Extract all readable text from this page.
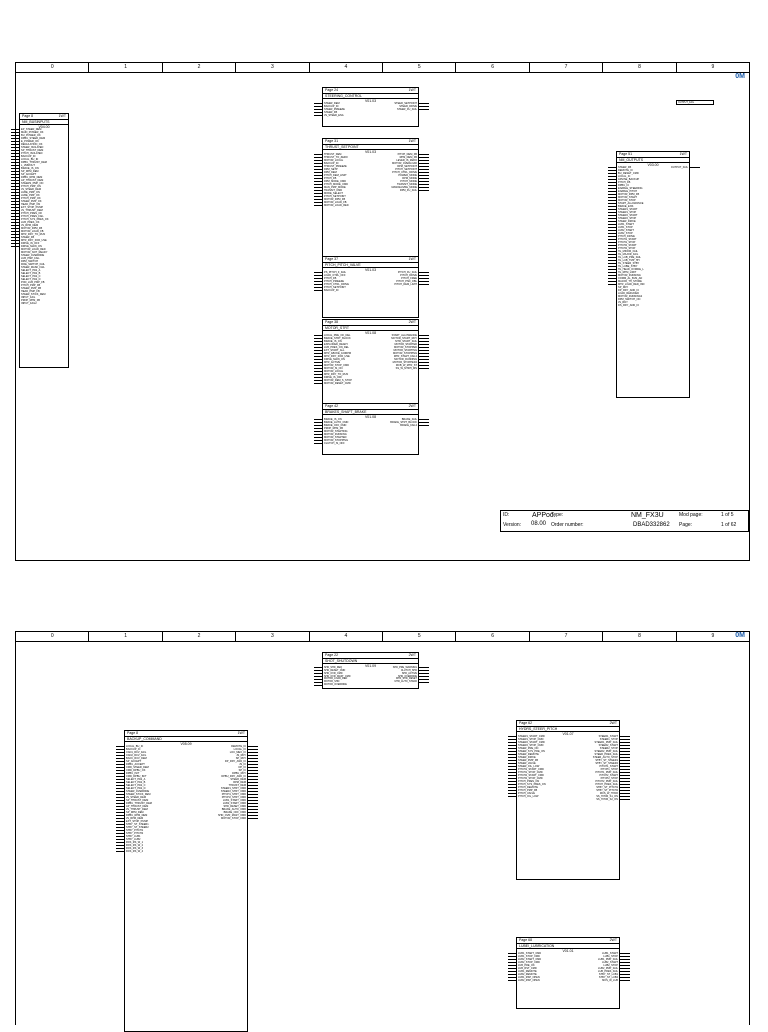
0	1	2	3	4	5	6	7	8	9
0M
OUTPUT_FAIL
Page 8	1WT
NM_BUSINPUTS
V04.00
EP_STEER_DEM
MAIN_POWER_OK
BU_POWER_OK
DPBU_STEER_DEM
E_POWER_OK
REGULATION_OK
STEER_ISOLATED
SP_THRUST_DEM
PITCH_ISOLATED
BACKUP_ID
LOCAL_BU_ID
DPBU_THRUST_DEM
L_VMROUT
BRAKE_IS_ON
SP_RPM_DEM
SP_ACCEPT
DPBU_RPM_DEM
AP_THRUST_DEM
STEERS_PMP_ON
PITCH_PMP_ON
JS_STEER_DEM
LUBE_PMP_ON
LUBE_PMP_OK
PITCH_PMP_OK
STEER_PMP_OK
HEAD_PMP_ON
EXT_STOP_PUMP
JS_THRUST_DEM
PITCH_PRES_OK
PITCH_PRES_FAIL
PITCH_SYS_PRES_OK
LUB_PRES_OK
JS_RPM_DEM
MOTOR_RPM_FB
MOTOR_LOAD_FB
MTR_RDY_TO_RUN
STEER_FB
MTR_RDY_FOR_USE
DRIVE_IN_OFF
DRIVE_MAIN_ON
MOTOR_LOAD_RED
MOTOR_NOT_READY
STEER_OVERRIDE
LUB_PMP_FAIL
RPM_SWITCH
FIRE_SWITCH_FAIL
STEER_MASK_FAIL
SELECT_PAS_A
SELECT_PAS_B
SELECT_PAS_C
SELECT_PAS_D
POD_LUB_PMP_FB
PITCH_PMP_FB
STEER_PMP_FB
HEAD_PMP_FB
STEER_STICK_DEM
INPUT_FAIL
PROP_RPM_FB
INPUT_FAIL2
Page 24	1WT
STEERING_CONTROL
V01.03
STEER_DEM	STEER_SETPOINT
BACKUP_ID	STEER_DRIVE
STEER_PRIEEZE	STEER_FU_FAIL
STEER_FB
JS_STEER_ENA
Page 31	1WT
THRUST_SETPOINT
V01.03
THRUST_DEM	PITCH_DEM_FB
THRUST_TO_ZERO	RPM_DEM_FB
MOTOR_LOCAL	LEVER_IS_ZERO
BACKUP_ID	MOTOR_OVERLOAD
THRUST_PRIEEZE	RPM_SETPOINT
RPM_SETP	PITCH_SETPOINT
RPM_DEM	PITCH_CTRL_DRIVE
PITCH_DEM_LIMIT	POWER_MODE
PITCH_FB	RPM_MODE
RPM_MODE_CMD	PITCH_MODE
PITCH_MODE_CMD	TRANSIT_MODE
MAN_PMP_MODE	MANOEUVRE_MODE
TRANSIT_CMD	RPM_FU_FAIL
MODE_SELECT
PITCH_SETPOINT
MOTOR_RPM_FB
MOTOR_LOAD_FB
MOTOR_LOAD_RED
Page 37	1WT
PITCH_PITCH_VALVE
V01.03
PS_PITCH_F_FAIL	PITCH_FU_FAIL
LOAD_CTRL_OFF	PITCH_DRIVE
PITCH_FB	PITCH_FREE
PITCH_PRIEEZE	PITCH_PSD_OBL
PITCH_CTRL_DRIVE	PITCH_DEM_LIMIT
PITCH_SETPOINT
BACKUP_ID
Page 38	2WT
MOTOR_STRT
V01.08
LOCAL_PRE_OK_DEL	START_ALLOWANCE
BRAKE_STRT_BLOCK	MOTOR_START_RDY
BRAKE_IS_ON	MTR_START_FAIL
EXPLODED_READY	MOTOR_STARTED
LUB_PRES_ON_DEL	MOTOR_STOPPED
EXT_START_ALL	MOTOR_STARTING
MTR_ABOVE_100RPM	MOTOR_STOPPING
MTR_RDY_FOR_USE	MTR_START_FAIL2
DRIVE_MAIN_ON	MOTOR_RUNNING
MTR_ACTIVE	MOTOR_STOPPED2
MOTOR_STOP_CMD	MCB_W_MTR_ST
MOTOR_IS_ON	SS_W_MTRH_MN
MOTOR_LOCAL
MTR_RDY_TO_RUN
DRIVE_IS_OFF
MOTOR_DEM_S_STOP
MOTOR_RESET_CMD
Page 42	2WT
BRAKES_SHAFT_BRAKE
V01.08
BRAKE_IS_ON	BRAKE_FAIL
BRAKE_AUTO_CMD	BRAKE_STRT_BLOCK
BRAKE_OFF_CMD	BRAKE_FAIL2
PROP_RPM_FB
MOTOR_STARTING
MOTOR_RUNNING
MOTOR_STARTED
MOTOR_STOPPING
CLUTCH_IS_OFF
Page 51	1WT
NM_OUTPUTS
V03.00
STEER_FB	OUTPUT_FAIL
REMOTE_IC
BU_RESET_CMD
LOCAL_IC
ADVISE_BACKUP
PITCH_FB
DPBU_IC
ENABLE_STEERING
ENABLE_PITCH
MOTOR_RPM_FB
MOTOR_START
MOTOR_STOP
START_ALLOWANCE
BRAKE_ENS
STEER1_START
STEER1_STOP
STEER2_START
STEER2_STOP
STEER_DRIVE
LUB1_START
LUB1_STOP
LUB2_START
LUB2_STOP
PITCH_DRIVE
PITCH1_START
PITCH1_STOP
PITCH2_START
PITCH2_STOP
HL_MINOR_FAIL
HL_MAJOR_FAIL
HL_LUB_PRE_FAIL
HL_LUB_TMP_HH
HL_STEER_STBY
HL_LUBE_STBY
HL_HEAD_OVRIDE_L
HL_RPM_LIMIT
MOTOR_RUNNING
COMM_AL_BUS_AD
MAJOR_TH_STORE
MTR_LOAD_RED_IND
SP_RDY
DP_RDY_AND_IC
LOAD_REDUCED
MOTOR_RUNNING2
RPM_SWITCH_ON
JS_RDY
DS_RDY_AND_IC
ID:	APPoo
Version: 08.00
Type:	NM_FX3U
Order number:	DBAD332862
Mod page:	1 of 5
Page:	1 of 62
0	1	2	3	4	5	6	7	8	9	0M
Page 22	2WT
SHOT_SHUTDOWN
V01.09
SHD_SHD_REQ	SHD_PRE_WARNING
SHD_RESET_CMD	CLUTCH_SHD
SHD_OVR_CMD	SHD_ACTIVE
SHD_OVR_MAST_CMD	SHD_OVERRIDE
MOTOR_LOAD_RED	MTR_SHD_RESET
MOTOR_SHD	MTR_AUTO_STAND
MOTOR_OVERRIDE
Page 8	1WT
BACKUP_COMMAND
V05.09
LOCAL_BU_IC	REMOTE_IC
BACKUP_IC	LOCAL_IC
CAN1_RCV_FAIL	LOC_MEC_IC
CAN2_RCV_FAIL	JS_RDY
BACK_RCV_DEM	SP_RDY
SP_ACCEPT	DP_RDY_AND_IC
DPBU_ACCEPT	JS_IC
CMD_STEER_DEM	DP_IC
CMD_DPBU_OK	SP_IC
DPBU_INIT	DPBU_RDY
CMD_DPBU_INIT	DPBU_RDY_AND_IC
SELECT_PAS_A	STEER_DEM
SELECT_PAS_B	RPM_DEM
SELECT_PAS_C	THRUST_DEM
SELECT_PAS_D	STEER1_STRT_CMD
STEER_OVERRIDE	STEER2_STRT_CMD
STEER_STICK_DEM	PITCH1_STRT_CMD
JS_STEER_DEM	PITCH2_STRT_CMD
SP_THRUST_DEM	LUB1_START_CMD
DPBU_THRUST_DEM	LUB2_START_CMD
AP_THRUST_DEM	SHD_RESET_CMD
JS_THRUST_DEM	BRAKE_AUTO_CMD
SP_RPM_DEM	BRAKE_OFF_CMD
DPBU_RPM_DEM	SHD_OVR_MAST_CMD
JS_RPM_DEM	MOTOR_STOP_CMD
EXT_STOP_PUMP
STBY_ST_STEER1
STBY_ST_STEER2
STBY_PITCH1
STBY_PITCH2
STBY_LUB1
STBY_LUB2
RCS_RS_W_1
RCS_RS_W_2
RCS_RS_W_3
RCS_RS_W_4
Page 62	2WT
HYDRS_STEER_PITCH
V01.07
STEER1_START_CMD	STEER1_START
STEER1_STOP_CMD	STEER1_STOP
STEER2_START_CMD	STEER1_PMP_FAIL
STEER2_STOP_CMD	STEER2_START
STEER_PRE_ON	STEER2_STOP
STEER_SYS_PRE_ON	STEER2_PMP_FAIL
STEER_REMOTE	STEER_PRES_FAIL
STEER_DRIVE	STEER_AUTO_STOP
STEER_PMP_FB	STBY_ST_STEER1
STEER_VALVE	STBY_ST_STEER2
STEER_OIL_LOW	PITCH1_START
PITCH1_START_CMD	PITCH1_STOP
PITCH1_STOP_CMD	PITCH1_PMP_FAIL
PITCH2_START_CMD	PITCH2_START
PITCH2_STOP_CMD	PITCH2_STOP
PITCH_PRES_ON	PITCH2_PMP_FAIL
PITCH_SYS_PRES_ON	PITCH_PRES_FAIL
PITCH_REMOTE	STBY_ST_PITCH1
PITCH_PMP_FB	STBY_ST_PITCH2
PITCH_VALVE	MCS_W_HYDR
PITCH_OIL_LOW	SS_HYDR_S1_ON
SS_HYDR_S2_ON
Page 68	2WT
LUBEI_LUBRICATION
V01.01
LUB1_START_CMD	LUB1_START
LUB1_STOP_CMD	LUB1_STOP
LUB2_START_CMD	LUB1_PMP_FAIL
LUB2_STOP_CMD	LUB2_START
LUB_PRE_OK	LUB2_STOP
LUB_RST_CMD	LUB2_PMP_FAIL
LUB1_REMOTE	LUB_PRES_FAIL
LUB2_REMOTE	STBY_ST_LUB1
LUB1_RSP_OPEN	STBY_ST_LUB2
LUB2_RSP_OPEN	MCS_W_LUB
